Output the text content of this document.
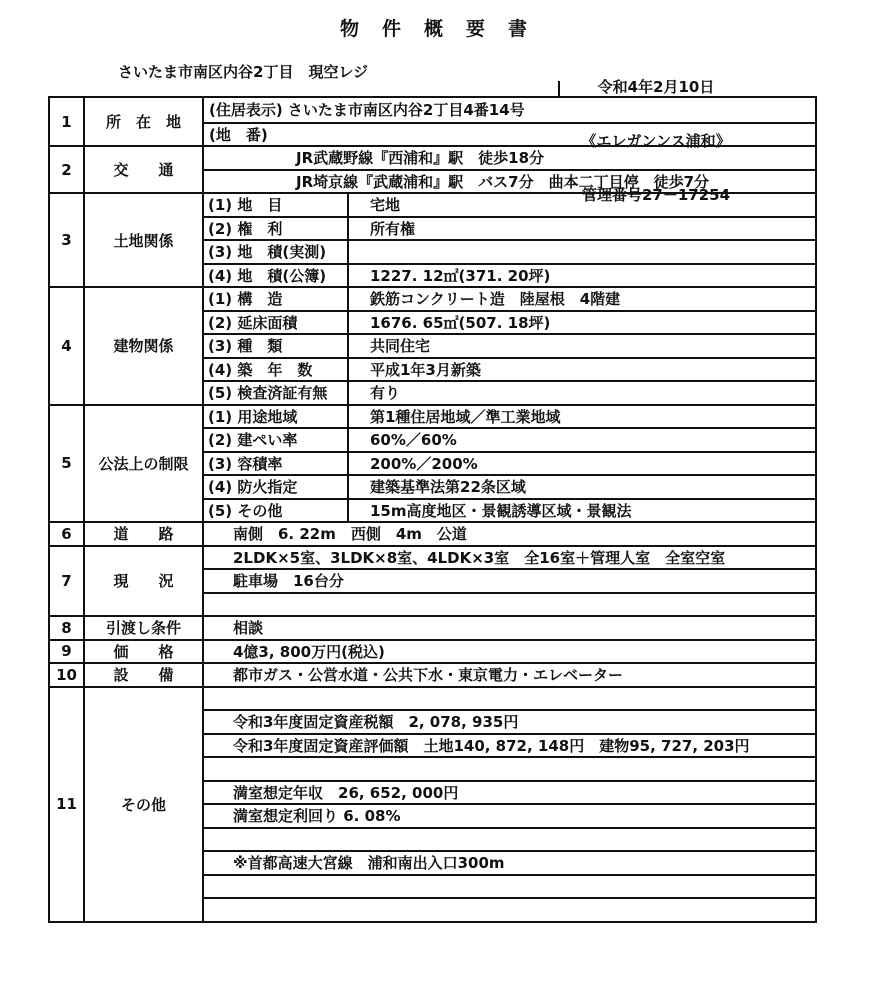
物　件　概　要　書
さいたま市南区内谷2丁目　現空レジ

令和4年2月10日

《エレガンンス浦和》

管理番号27－17254

1	所　在　地
(住居表示) さいたま市南区内谷2丁目4番14号
(地　番)
2	交　　通
JR武蔵野線『西浦和』駅　徒歩18分
JR埼京線『武蔵浦和』駅　バス7分　曲本二丁目停　徒歩7分
3	土地関係
(1) 地　目	宅地
(2) 権　利	所有権
(3) 地　積(実測)
(4) 地　積(公簿)	1227. 12㎡(371. 20坪)
4	建物関係
(1) 構　造	鉄筋コンクリート造　陸屋根　4階建
(2) 延床面積	1676. 65㎡(507. 18坪)
(3) 種　類	共同住宅
(4) 築　年　数	平成1年3月新築
(5) 検査済証有無	有り
5	公法上の制限
(1) 用途地域	第1種住居地域／準工業地域
(2) 建ぺい率	60%／60%
(3) 容積率	200%／200%
(4) 防火指定	建築基準法第22条区域
(5) その他	15m高度地区・景観誘導区域・景観法
6	道　　路	南側　6. 22m　西側　4m　公道
7	現　　況
2LDK×5室、3LDK×8室、4LDK×3室　全16室＋管理人室　全室空室
駐車場　16台分
8	引渡し条件	相談
9	価　　格	4億3, 800万円(税込)
10	設　　備	都市ガス・公営水道・公共下水・東京電力・エレベーター
11	その他
令和3年度固定資産税額　2, 078, 935円
令和3年度固定資産評価額　土地140, 872, 148円　建物95, 727, 203円
満室想定年収　26, 652, 000円
満室想定利回り 6. 08%
※首都高速大宮線　浦和南出入口300m
